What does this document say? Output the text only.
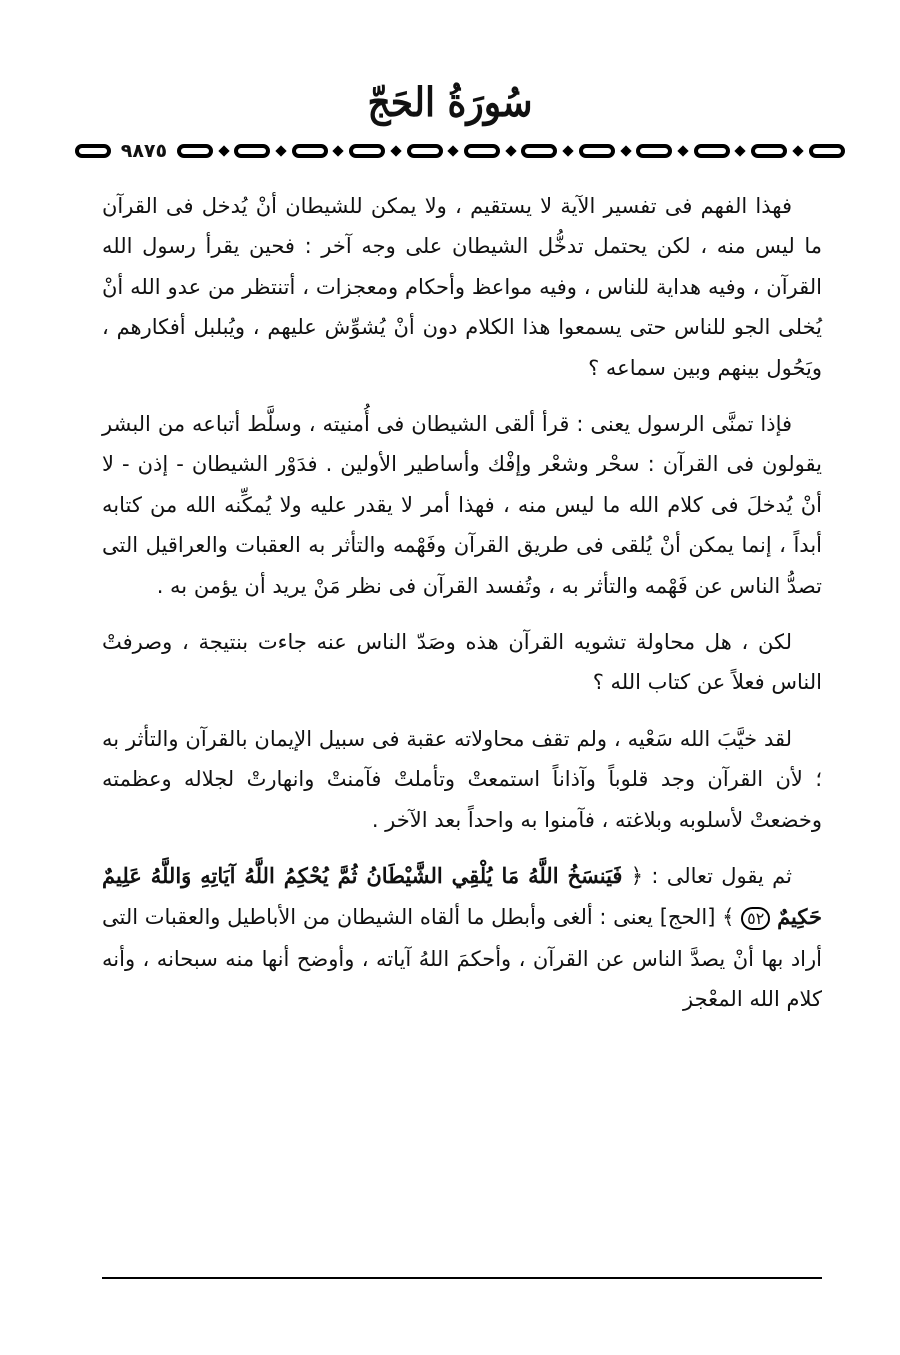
سُورَةُ الحَجّ
٩٨٧٥

فهذا الفهم فى تفسير الآية لا يستقيم ، ولا يمكن للشيطان أنْ يُدخل فى القرآن ما ليس منه ، لكن يحتمل تدخُّل الشيطان على وجه آخر : فحين يقرأ رسول الله القرآن ، وفيه هداية للناس ، وفيه مواعظ وأحكام ومعجزات ، أتنتظر من عدو الله أنْ يُخلى الجو للناس حتى يسمعوا هذا الكلام دون أنْ يُشوِّش عليهم ، ويُبلبل أفكارهم ، ويَحُول بينهم وبين سماعه ؟

فإذا تمنَّى الرسول يعنى : قرأ ألقى الشيطان فى أُمنيته ، وسلَّط أتباعه من البشر يقولون فى القرآن : سحْر وشعْر وإفْك وأساطير الأولين . فدَوْر الشيطان - إذن - لا أنْ يُدخلَ فى كلام الله ما ليس منه ، فهذا أمر لا يقدر عليه ولا يُمكِّنه الله من كتابه أبداً ، إنما يمكن أنْ يُلقى فى طريق القرآن وفَهْمه والتأثر به العقبات والعراقيل التى تصدُّ الناس عن فَهْمه والتأثر به ، وتُفسد القرآن فى نظر مَنْ يريد أن يؤمن به .

لكن ، هل محاولة تشويه القرآن هذه وصَدّ الناس عنه جاءت بنتيجة ، وصرفتْ الناس فعلاً عن كتاب الله ؟

لقد خيَّبَ الله سَعْيه ، ولم تقف محاولاته عقبة فى سبيل الإيمان بالقرآن والتأثر به ؛ لأن القرآن وجد قلوباً وآذاناً استمعتْ وتأملتْ فآمنتْ وانهارتْ لجلاله وعظمته وخضعتْ لأسلوبه وبلاغته ، فآمنوا به واحداً بعد الآخر .

ثم يقول تعالى : ﴿ فَيَنسَخُ اللَّهُ مَا يُلْقِي الشَّيْطَانُ ثُمَّ يُحْكِمُ اللَّهُ آيَاتِهِ وَاللَّهُ عَلِيمٌ حَكِيمٌ ٥٢ ﴾ [الحج] يعنى : ألغى وأبطل ما ألقاه الشيطان من الأباطيل والعقبات التى أراد بها أنْ يصدَّ الناس عن القرآن ، وأحكمَ اللهُ آياته ، وأوضح أنها منه سبحانه ، وأنه كلام الله المعْجز
